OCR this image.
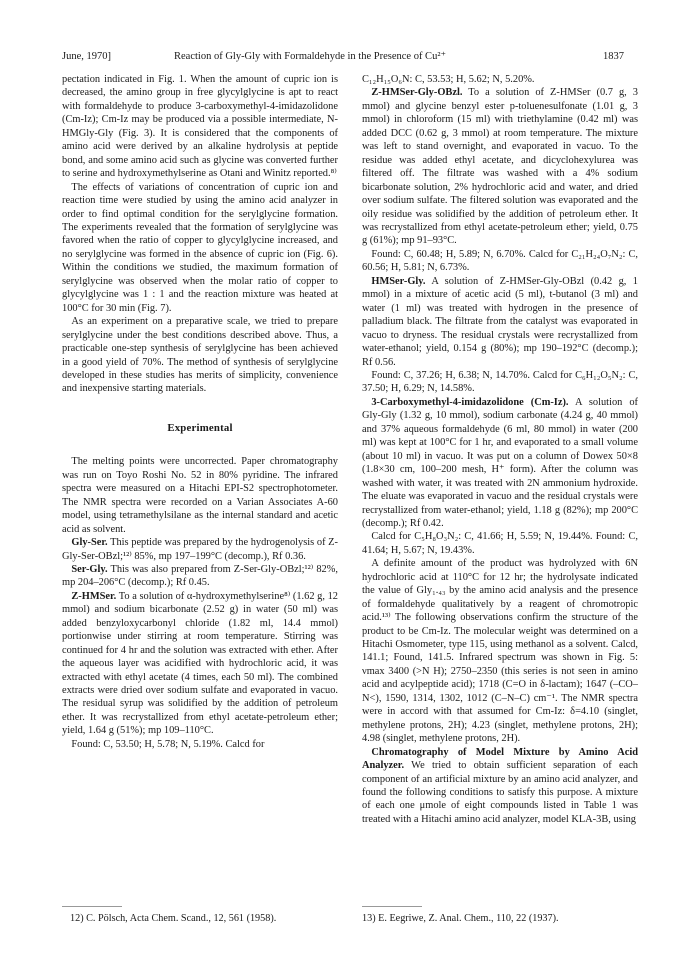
June, 1970]	Reaction of Gly-Gly with Formaldehyde in the Presence of Cu²⁺	1837

pectation indicated in Fig. 1. When the amount of cupric ion is decreased, the amino group in free glycylglycine is apt to react with formaldehyde to produce 3-carboxymethyl-4-imidazolidone (Cm-Iz); Cm-Iz may be produced via a possible intermediate, N-HMGly-Gly (Fig. 3). It is considered that the components of amino acid were derived by an alkaline hydrolysis at peptide bond, and some amino acid such as glycine was converted further to serine and hydroxymethylserine as Otani and Winitz reported.⁸⁾

The effects of variations of concentration of cupric ion and reaction time were studied by using the amino acid analyzer in order to find optimal condition for the serylglycine formation. The experiments revealed that the formation of serylglycine was favored when the ratio of copper to glycylglycine increased, and no serylglycine was formed in the absence of cupric ion (Fig. 6). Within the conditions we studied, the maximum formation of serylglycine was observed when the molar ratio of copper to glycylglycine was 1 : 1 and the reaction mixture was heated at 100°C for 30 min (Fig. 7).

As an experiment on a preparative scale, we tried to prepare serylglycine under the best conditions described above. Thus, a practicable one-step synthesis of serylglycine has been achieved in a good yield of 70%. The method of synthesis of serylglycine developed in these studies has merits of simplicity, convenience and inexpensive starting materials.

Experimental

The melting points were uncorrected. Paper chromatography was run on Toyo Roshi No. 52 in 80% pyridine. The infrared spectra were measured on a Hitachi EPI-S2 spectrophotometer. The NMR spectra were recorded on a Varian Associates A-60 model, using tetramethylsilane as the internal standard and acetic acid as solvent.

Gly-Ser. This peptide was prepared by the hydrogenolysis of Z-Gly-Ser-OBzl;¹²⁾ 85%, mp 197–199°C (decomp.), Rf 0.36.

Ser-Gly. This was also prepared from Z-Ser-Gly-OBzl;¹²⁾ 82%, mp 204–206°C (decomp.); Rf 0.45.

Z-HMSer. To a solution of α-hydroxymethylserine⁸⁾ (1.62 g, 12 mmol) and sodium bicarbonate (2.52 g) in water (50 ml) was added benzyloxycarbonyl chloride (1.82 ml, 14.4 mmol) portionwise under stirring at room temperature. Stirring was continued for 4 hr and the solution was extracted with ether. After the aqueous layer was acidified with hydrochloric acid, it was extracted with ethyl acetate (4 times, each 50 ml). The combined extracts were dried over sodium sulfate and evaporated in vacuo. The residual syrup was solidified by the addition of petroleum ether. It was recrystallized from ethyl acetate-petroleum ether; yield, 1.64 g (51%); mp 109–110°C.

Found: C, 53.50; H, 5.78; N, 5.19%. Calcd for

C₁₂H₁₅O₆N: C, 53.53; H, 5.62; N, 5.20%.

Z-HMSer-Gly-OBzl. To a solution of Z-HMSer (0.7 g, 3 mmol) and glycine benzyl ester p-toluenesulfonate (1.01 g, 3 mmol) in chloroform (15 ml) with triethylamine (0.42 ml) was added DCC (0.62 g, 3 mmol) at room temperature. The mixture was left to stand overnight, and evaporated in vacuo. To the residue was added ethyl acetate, and dicyclohexylurea was filtered off. The filtrate was washed with a 4% sodium bicarbonate solution, 2% hydrochloric acid and water, and dried over sodium sulfate. The filtered solution was evaporated and the oily residue was solidified by the addition of petroleum ether. It was recrystallized from ethyl acetate-petroleum ether; yield, 0.75 g (61%); mp 91–93°C.

Found: C, 60.48; H, 5.89; N, 6.70%. Calcd for C₂₁H₂₄O₇N₂: C, 60.56; H, 5.81; N, 6.73%.

HMSer-Gly. A solution of Z-HMSer-Gly-OBzl (0.42 g, 1 mmol) in a mixture of acetic acid (5 ml), t-butanol (3 ml) and water (1 ml) was treated with hydrogen in the presence of palladium black. The filtrate from the catalyst was evaporated in vacuo to dryness. The residual crystals were recrystallized from water-ethanol; yield, 0.154 g (80%); mp 190–192°C (decomp.); Rf 0.56.

Found: C, 37.26; H, 6.38; N, 14.70%. Calcd for C₆H₁₂O₅N₂: C, 37.50; H, 6.29; N, 14.58%.

3-Carboxymethyl-4-imidazolidone (Cm-Iz). A solution of Gly-Gly (1.32 g, 10 mmol), sodium carbonate (4.24 g, 40 mmol) and 37% aqueous formaldehyde (6 ml, 80 mmol) in water (200 ml) was kept at 100°C for 1 hr, and evaporated to a small volume (about 10 ml) in vacuo. It was put on a column of Dowex 50×8 (1.8×30 cm, 100–200 mesh, H⁺ form). After the column was washed with water, it was treated with 2N ammonium hydroxide. The eluate was evaporated in vacuo and the residual crystals were recrystallized from water-ethanol; yield, 1.18 g (82%); mp 200°C (decomp.); Rf 0.42.

Calcd for C₅H₈O₃N₂: C, 41.66; H, 5.59; N, 19.44%. Found: C, 41.64; H, 5.67; N, 19.43%.

A definite amount of the product was hydrolyzed with 6N hydrochloric acid at 110°C for 12 hr; the hydrolysate indicated the value of Gly₁.₄₃ by the amino acid analysis and the presence of formaldehyde qualitatively by a reagent of chromotropic acid.¹³⁾ The following observations confirm the structure of the product to be Cm-Iz. The molecular weight was determined on a Hitachi Osmometer, type 115, using methanol as a solvent. Calcd, 141.1; Found, 141.5. Infrared spectrum was shown in Fig. 5: νmax 3400 (>N H); 2750–2350 (this series is not seen in amino acid and acylpeptide acid); 1718 (C=O in δ-lactam); 1647 (–CO–N<), 1590, 1314, 1302, 1012 (C–N–C) cm⁻¹. The NMR spectra were in accord with that assumed for Cm-Iz: δ=4.10 (singlet, methylene protons, 2H); 4.23 (singlet, methylene protons, 2H); 4.98 (singlet, methylene protons, 2H).

Chromatography of Model Mixture by Amino Acid Analyzer. We tried to obtain sufficient separation of each component of an artificial mixture by an amino acid analyzer, and found the following conditions to satisfy this purpose. A mixture of each one μmole of eight compounds listed in Table 1 was treated with a Hitachi amino acid analyzer, model KLA-3B, using

12) C. Pölsch, Acta Chem. Scand., 12, 561 (1958).	13) E. Eegriwe, Z. Anal. Chem., 110, 22 (1937).
